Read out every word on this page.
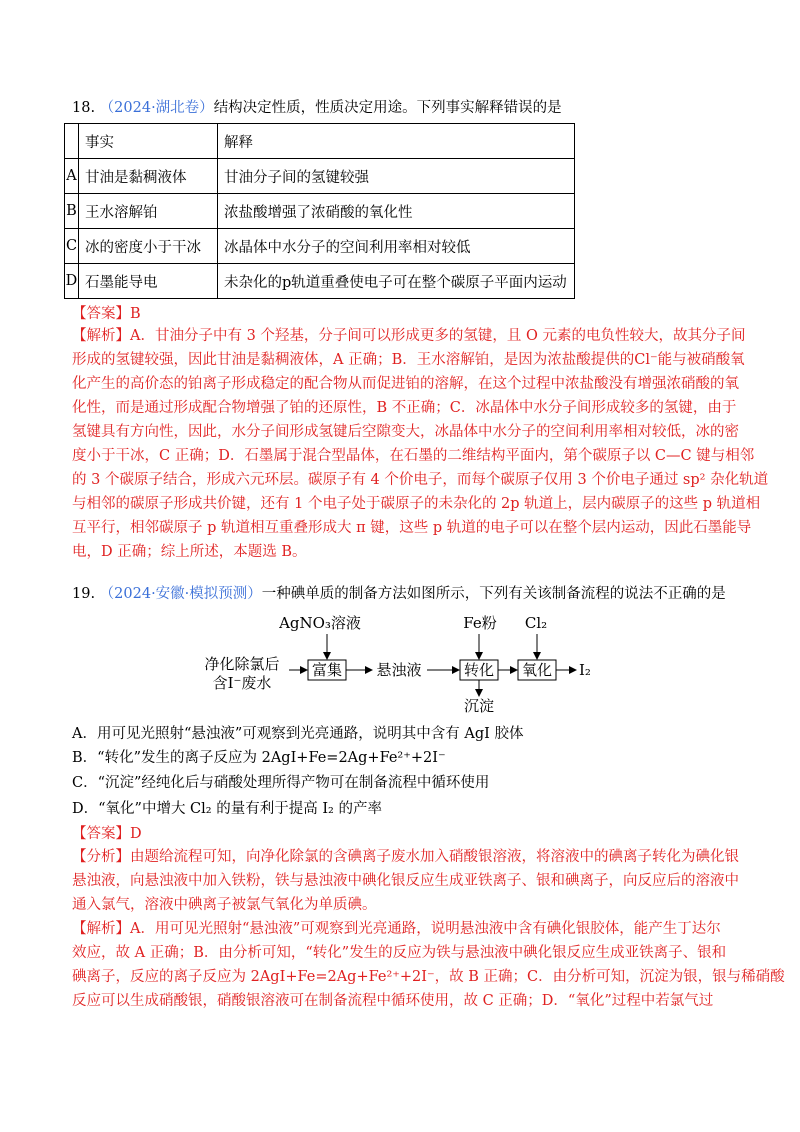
18. （2024·湖北卷）结构决定性质，性质决定用途。下列事实解释错误的是
	事实	解释
A	甘油是黏稠液体	甘油分子间的氢键较强
B	王水溶解铂	浓盐酸增强了浓硝酸的氧化性
C	冰的密度小于干冰	冰晶体中水分子的空间利用率相对较低
D	石墨能导电	未杂化的p轨道重叠使电子可在整个碳原子平面内运动
【答案】B

【解析】A．甘油分子中有 3 个羟基，分子间可以形成更多的氢键，且 O 元素的电负性较大，故其分子间

形成的氢键较强，因此甘油是黏稠液体，A 正确；B．王水溶解铂，是因为浓盐酸提供的Cl⁻能与被硝酸氧

化产生的高价态的铂离子形成稳定的配合物从而促进铂的溶解，在这个过程中浓盐酸没有增强浓硝酸的氧

化性，而是通过形成配合物增强了铂的还原性，B 不正确；C．冰晶体中水分子间形成较多的氢键，由于

氢键具有方向性，因此，水分子间形成氢键后空隙变大，冰晶体中水分子的空间利用率相对较低，冰的密

度小于干冰，C 正确；D．石墨属于混合型晶体，在石墨的二维结构平面内，第个碳原子以 C—C 键与相邻

的 3 个碳原子结合，形成六元环层。碳原子有 4 个价电子，而每个碳原子仅用 3 个价电子通过 sp² 杂化轨道

与相邻的碳原子形成共价键，还有 1 个电子处于碳原子的未杂化的 2p 轨道上，层内碳原子的这些 p 轨道相

互平行，相邻碳原子 p 轨道相互重叠形成大 π 键，这些 p 轨道的电子可以在整个层内运动，因此石墨能导

电，D 正确；综上所述，本题选 B。

19. （2024·安徽·模拟预测）一种碘单质的制备方法如图所示，下列有关该制备流程的说法不正确的是
净化除氯后
含I⁻废水
AgNO₃溶液
富集 悬浊液
Fe粉
转化
沉淀
Cl₂
氧化 I₂
A．用可见光照射“悬浊液”可观察到光亮通路，说明其中含有 AgI 胶体
B．“转化”发生的离子反应为 2AgI+Fe=2Ag+Fe²⁺+2I⁻
C．“沉淀”经纯化后与硝酸处理所得产物可在制备流程中循环使用
D．“氧化”中增大 Cl₂ 的量有利于提高 I₂ 的产率
【答案】D

【分析】由题给流程可知，向净化除氯的含碘离子废水加入硝酸银溶液，将溶液中的碘离子转化为碘化银

悬浊液，向悬浊液中加入铁粉，铁与悬浊液中碘化银反应生成亚铁离子、银和碘离子，向反应后的溶液中

通入氯气，溶液中碘离子被氯气氧化为单质碘。

【解析】A．用可见光照射“悬浊液”可观察到光亮通路，说明悬浊液中含有碘化银胶体，能产生丁达尔

效应，故 A 正确；B．由分析可知，“转化”发生的反应为铁与悬浊液中碘化银反应生成亚铁离子、银和

碘离子，反应的离子反应为 2AgI+Fe=2Ag+Fe²⁺+2I⁻，故 B 正确；C．由分析可知，沉淀为银，银与稀硝酸

反应可以生成硝酸银，硝酸银溶液可在制备流程中循环使用，故 C 正确；D．“氧化”过程中若氯气过
